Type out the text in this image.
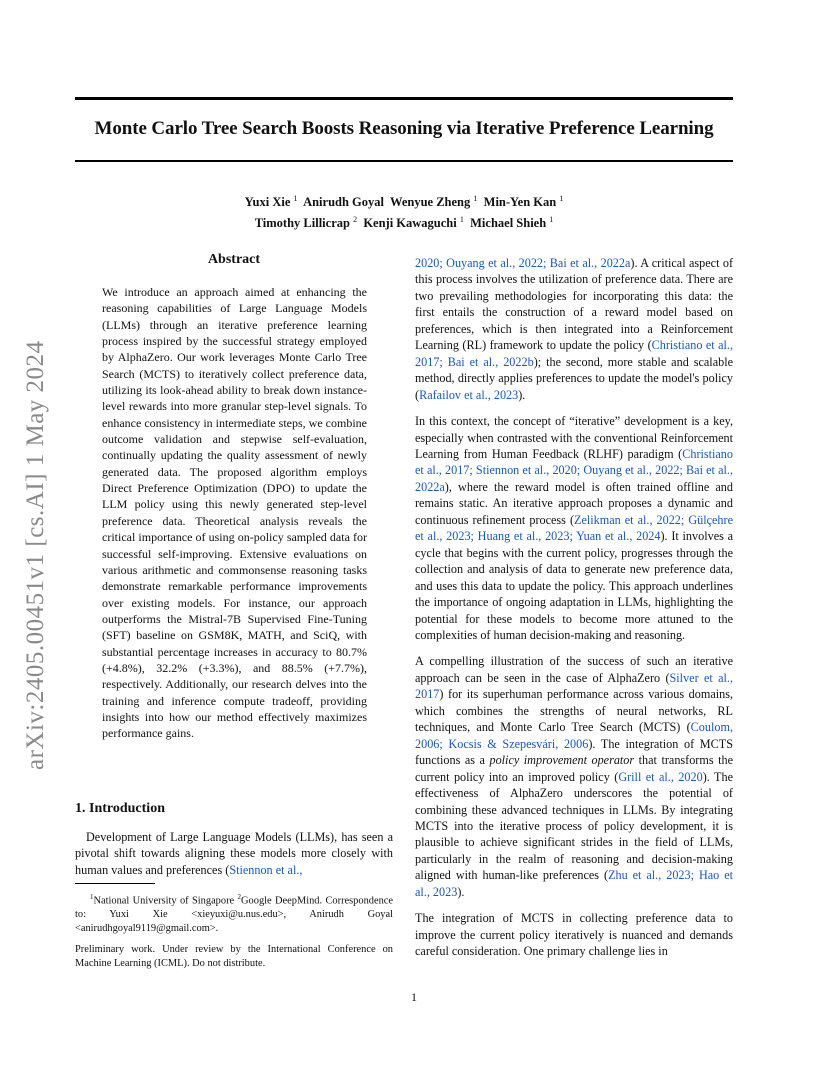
Monte Carlo Tree Search Boosts Reasoning via Iterative Preference Learning
Yuxi Xie $^1$ Anirudh Goyal Wenyue Zheng $^1$ Min-Yen Kan $^1$
Timothy Lillicrap $^2$ Kenji Kawaguchi $^1$ Michael Shieh $^1$
arXiv:2405.00451v1 [cs.AI] 1 May 2024
Abstract

We introduce an approach aimed at enhancing the reasoning capabilities of Large Language Models (LLMs) through an iterative preference learning process inspired by the successful strategy employed by AlphaZero. Our work leverages Monte Carlo Tree Search (MCTS) to iteratively collect preference data, utilizing its look-ahead ability to break down instance-level rewards into more granular step-level signals. To enhance consistency in intermediate steps, we combine outcome validation and stepwise self-evaluation, continually updating the quality assessment of newly generated data. The proposed algorithm employs Direct Preference Optimization (DPO) to update the LLM policy using this newly generated step-level preference data. Theoretical analysis reveals the critical importance of using on-policy sampled data for successful self-improving. Extensive evaluations on various arithmetic and commonsense reasoning tasks demonstrate remarkable performance improvements over existing models. For instance, our approach outperforms the Mistral-7B Supervised Fine-Tuning (SFT) baseline on GSM8K, MATH, and SciQ, with substantial percentage increases in accuracy to 80.7% (+4.8%), 32.2% (+3.3%), and 88.5% (+7.7%), respectively. Additionally, our research delves into the training and inference compute tradeoff, providing insights into how our method effectively maximizes performance gains.

1. Introduction

Development of Large Language Models (LLMs), has seen a pivotal shift towards aligning these models more closely with human values and preferences (Stiennon et al.,

$^1$National University of Singapore $^2$Google DeepMind. Correspondence to: Yuxi Xie <xieyuxi@u.nus.edu>, Anirudh Goyal <anirudhgoyal9119@gmail.com>.

Preliminary work. Under review by the International Conference on Machine Learning (ICML). Do not distribute.

2020; Ouyang et al., 2022; Bai et al., 2022a). A critical aspect of this process involves the utilization of preference data. There are two prevailing methodologies for incorporating this data: the first entails the construction of a reward model based on preferences, which is then integrated into a Reinforcement Learning (RL) framework to update the policy (Christiano et al., 2017; Bai et al., 2022b); the second, more stable and scalable method, directly applies preferences to update the model's policy (Rafailov et al., 2023).

In this context, the concept of “iterative” development is a key, especially when contrasted with the conventional Reinforcement Learning from Human Feedback (RLHF) paradigm (Christiano et al., 2017; Stiennon et al., 2020; Ouyang et al., 2022; Bai et al., 2022a), where the reward model is often trained offline and remains static. An iterative approach proposes a dynamic and continuous refinement process (Zelikman et al., 2022; Gülçehre et al., 2023; Huang et al., 2023; Yuan et al., 2024). It involves a cycle that begins with the current policy, progresses through the collection and analysis of data to generate new preference data, and uses this data to update the policy. This approach underlines the importance of ongoing adaptation in LLMs, highlighting the potential for these models to become more attuned to the complexities of human decision-making and reasoning.

A compelling illustration of the success of such an iterative approach can be seen in the case of AlphaZero (Silver et al., 2017) for its superhuman performance across various domains, which combines the strengths of neural networks, RL techniques, and Monte Carlo Tree Search (MCTS) (Coulom, 2006; Kocsis & Szepesvári, 2006). The integration of MCTS functions as a policy improvement operator that transforms the current policy into an improved policy (Grill et al., 2020). The effectiveness of AlphaZero underscores the potential of combining these advanced techniques in LLMs. By integrating MCTS into the iterative process of policy development, it is plausible to achieve significant strides in the field of LLMs, particularly in the realm of reasoning and decision-making aligned with human-like preferences (Zhu et al., 2023; Hao et al., 2023).

The integration of MCTS in collecting preference data to improve the current policy iteratively is nuanced and demands careful consideration. One primary challenge lies in

1
